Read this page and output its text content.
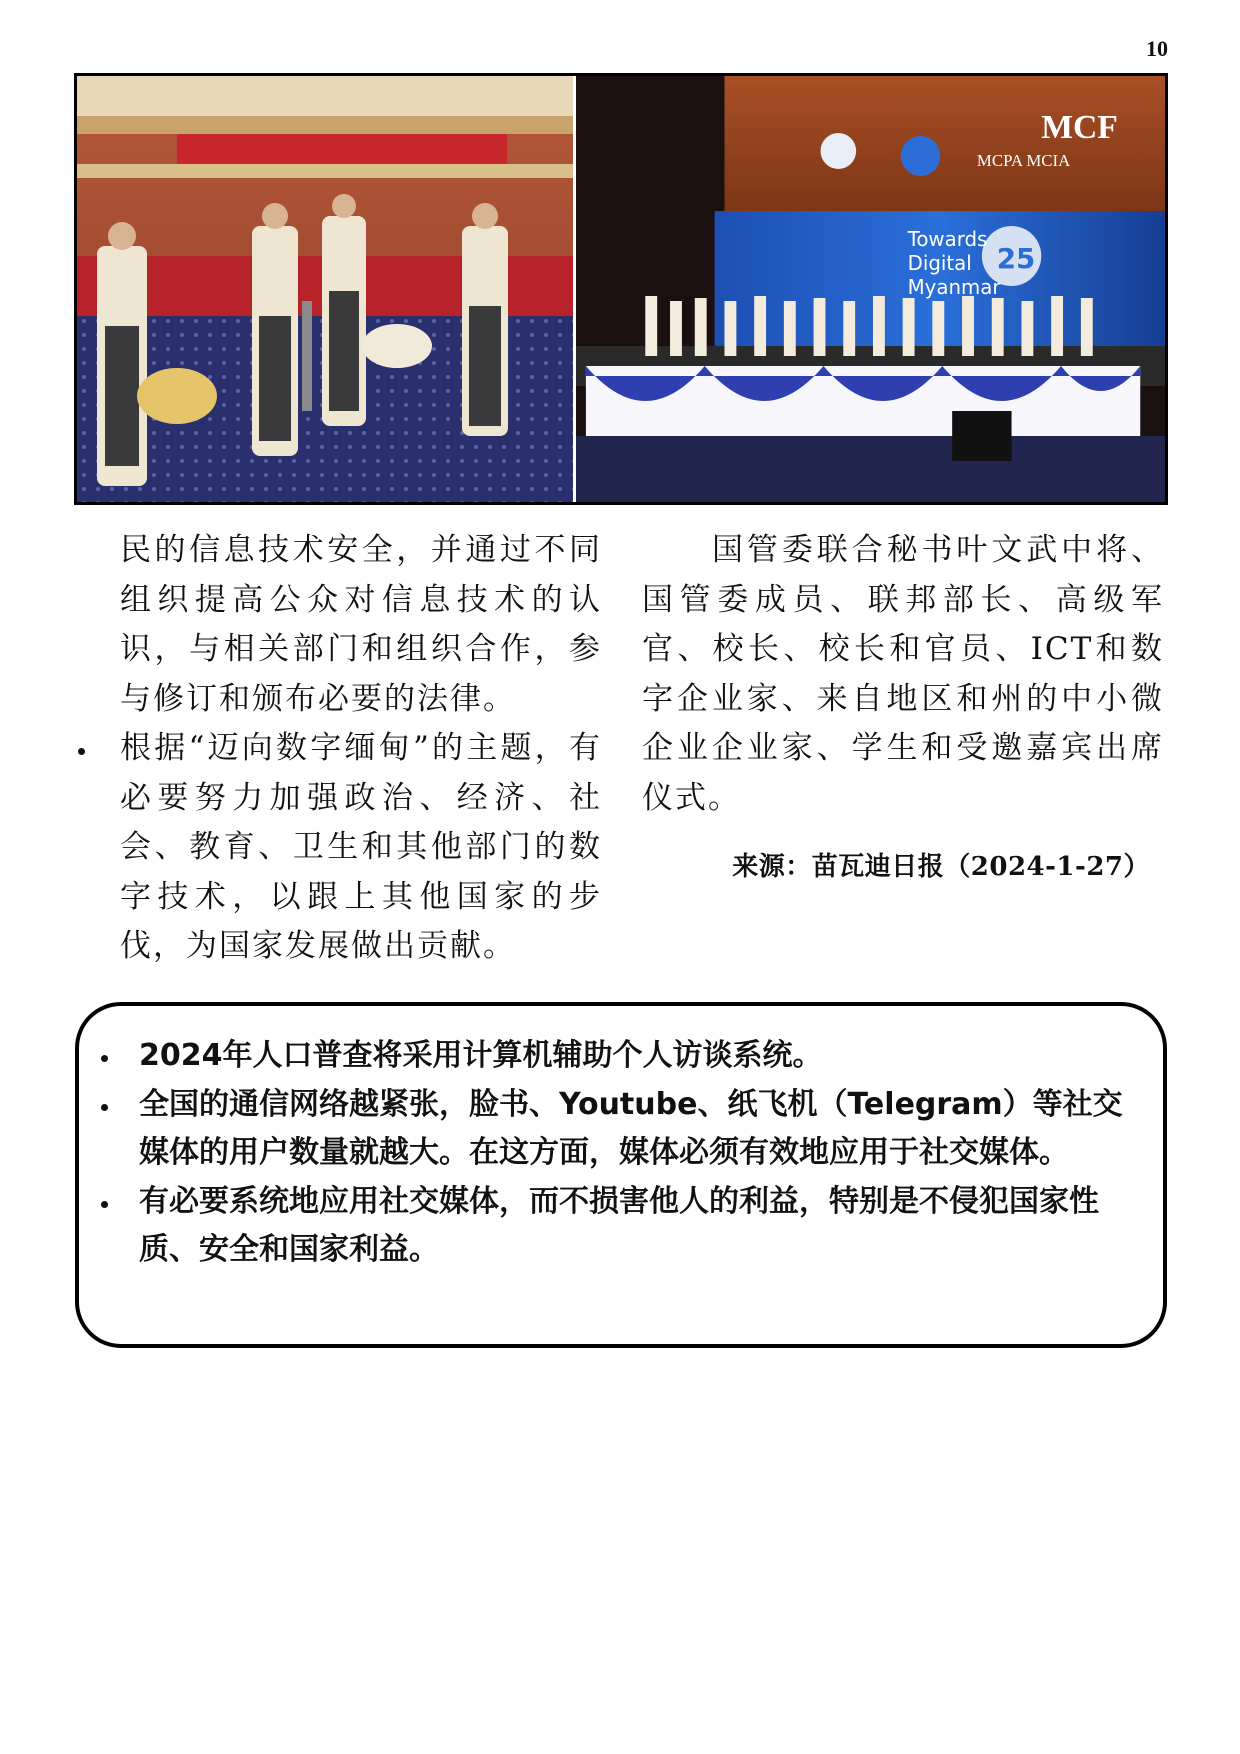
10
MCF
MCPA MCIA
Towards
Digital
Myanmar
25

民的信息技术安全，并通过不同组织提高公众对信息技术的认识，与相关部门和组织合作，参与修订和颁布必要的法律。

根据“迈向数字缅甸”的主题，有必要努力加强政治、经济、社会、教育、卫生和其他部门的数字技术，以跟上其他国家的步伐，为国家发展做出贡献。

国管委联合秘书叶文武中将、国管委成员、联邦部长、高级军官、校长、校长和官员、ICT和数字企业家、来自地区和州的中小微企业企业家、学生和受邀嘉宾出席仪式。

来源：苗瓦迪日报（2024-1-27）
2024年人口普查将采用计算机辅助个人访谈系统。
全国的通信网络越紧张，脸书、Youtube、纸飞机（Telegram）等社交媒体的用户数量就越大。在这方面，媒体必须有效地应用于社交媒体。
有必要系统地应用社交媒体，而不损害他人的利益，特别是不侵犯国家性质、安全和国家利益。
